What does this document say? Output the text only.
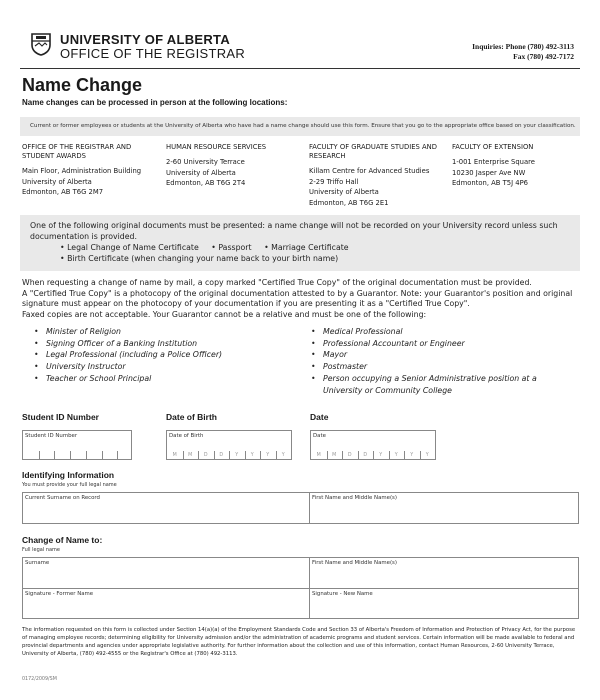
UNIVERSITY OF ALBERTA
OFFICE OF THE REGISTRAR	Inquiries: Phone (780) 492-3113
Fax (780) 492-7172
Name Change
Name changes can be processed in person at the following locations:
Current or former employees or students at the University of Alberta who have had a name change should use this form. Ensure that you go to the appropriate office based on your classification.
OFFICE OF THE REGISTRAR AND STUDENT AWARDS
Main Floor, Administration Building
University of Alberta
Edmonton, AB T6G 2M7
HUMAN RESOURCE SERVICES
2-60 University Terrace
University of Alberta
Edmonton, AB T6G 2T4
FACULTY OF GRADUATE STUDIES AND RESEARCH
Killam Centre for Advanced Studies
2-29 Triffo Hall
University of Alberta
Edmonton, AB T6G 2E1
FACULTY OF EXTENSION
1-001 Enterprise Square
10230 Jasper Ave NW
Edmonton, AB T5J 4P6
One of the following original documents must be presented: a name change will not be recorded on your University record unless such documentation is provided.
• Legal Change of Name Certificate • Passport • Marriage Certificate
• Birth Certificate (when changing your name back to your birth name)
When requesting a change of name by mail, a copy marked "Certified True Copy" of the original documentation must be provided.
A "Certified True Copy" is a photocopy of the original documentation attested to by a Guarantor. Note: your Guarantor's position and original signature must appear on the photocopy of your documentation if you are presenting it as a "Certified True Copy".
Faxed copies are not acceptable. Your Guarantor cannot be a relative and must be one of the following:
• Minister of Religion
• Signing Officer of a Banking Institution
• Legal Professional (including a Police Officer)
• University Instructor
• Teacher or School Principal
• Medical Professional
• Professional Accountant or Engineer
• Mayor
• Postmaster
• Person occupying a Senior Administrative position at a University or Community College
Student ID Number	Date of Birth	Date
Student ID Number	Date of Birth
M	M	D	D	Y	Y	Y	Y
Date
M	M	D	D	Y	Y	Y	Y
Identifying Information
You must provide your full legal name
Current Surname on Record	First Name and Middle Name(s)
Change of Name to:
Full legal name
Surname	First Name and Middle Name(s)
Signature - Former Name	Signature - New Name
The information requested on this form is collected under Section 14(a)(a) of the Employment Standards Code and Section 33 of Alberta's Freedom of Information and Protection of Privacy Act, for the purpose of managing employee records; determining eligibility for University admission and/or the administration of academic programs and student services. Certain information will be made available to federal and provincial departments and agencies under appropriate legislative authority. For further information about the collection and use of this information, contact Human Resources, 2-60 University Terrace, University of Alberta, (780) 492-4555 or the Registrar's Office at (780) 492-3113.
0172/2009/SM
